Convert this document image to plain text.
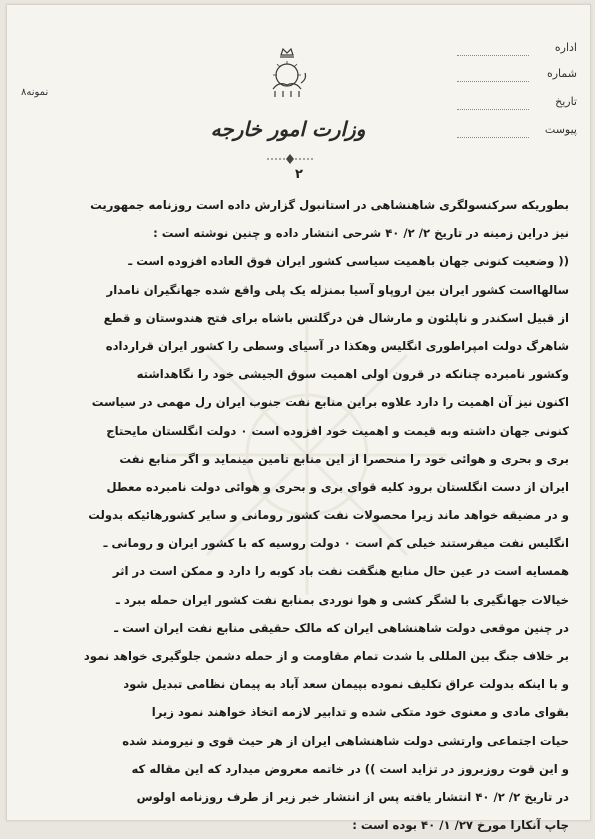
نمونه۸
وزارت امور خارجه
اداره
شماره
تاریخ
پیوست
۲
بطوریکه سرکنسولگری شاهنشاهی در استانبول گزارش داده است روزنامه جمهوریت
نیز دراین زمینه در تاریخ ۲/ ۲/ ۴۰ شرحی انتشار داده و چنین نوشته است :
(( وضعیت کنونی جهان باهمیت سیاسی کشور ایران فوق العاده افزوده است ـ
سالهااست کشور ایران بین اروپاو آسیا بمنزله یک پلی واقع شده جهانگیران نامدار
از قبیل اسکندر و ناپلئون و مارشال فن درگلتس باشاه برای فتح هندوستان و قطع
شاهرگ دولت امپراطوری انگلیس وهکذا در آسیای وسطی را کشور ایران قرارداده
وکشور نامبرده چنانکه در قرون اولی اهمیت سوق الجیشی خود را نگاهداشته
اکنون نیز آن اهمیت را دارد علاوه براین منابع نفت جنوب ایران رل مهمی در سیاست
کنونی جهان داشته وبه قیمت و اهمیت خود افزوده است ۰ دولت انگلستان مایحتاج
بری و بحری و هوائی خود را منحصرا از این منابع تامین مینماید و اگر منابع نفت
ایران از دست انگلستان برود کلیه قوای بری و بحری و هوائی دولت نامبرده معطل
و در مضیقه خواهد ماند زیرا محصولات نفت کشور رومانی و سایر کشورهائیکه بدولت
انگلیس نفت میفرستند خیلی کم است ۰ دولت روسیه که با کشور ایران و رومانی ـ
همسایه است در عین حال منابع هنگفت نفت باد کوبه را دارد و ممکن است در اثر
خیالات جهانگیری با لشگر کشی و هوا نوردی بمنابع نفت کشور ایران حمله ببرد ـ
در چنین موقعی دولت شاهنشاهی ایران که مالک حقیقی منابع نفت ایران است ـ
بر خلاف جنگ بین المللی با شدت تمام مقاومت و از حمله دشمن جلوگیری خواهد نمود
و با اینکه بدولت عراق تکلیف نموده بپیمان سعد آباد به پیمان نظامی تبدیل شود
بقوای مادی و معنوی خود متکی شده و تدابیر لازمه اتخاذ خواهند نمود زیرا
حیات اجتماعی وارتشی دولت شاهنشاهی ایران از هر حیث قوی و نیرومند شده
و این قوت روزبروز در تزاید است )) در خاتمه معروض میدارد که این مقاله که
در تاریخ ۲/ ۲/ ۴۰ انتشار یافته پس از انتشار خبر زیر از طرف روزنامه اولوس
چاپ آنکارا مورخ ۲۷/ ۱/ ۴۰ بوده است :
